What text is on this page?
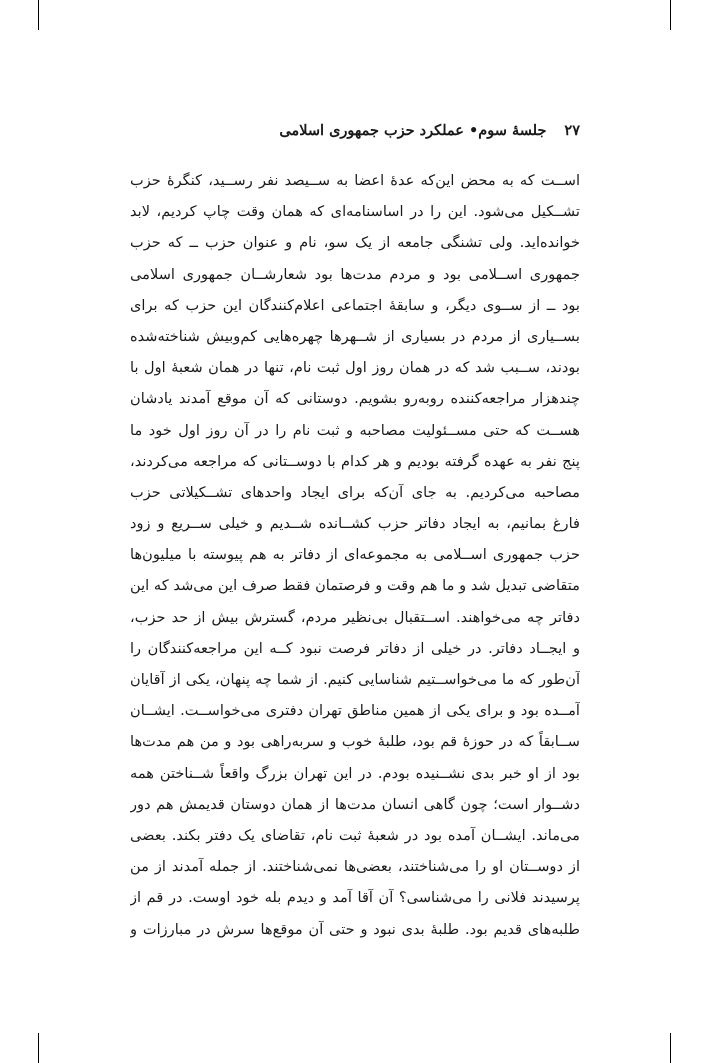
۲۷
جلسهٔ سوم• عملکرد حزب جمهوری اسلامی
اســت که به محض این‌که عدهٔ اعضا به ســیصد نفر رســید، کنگرهٔ حزب
تشــکیل می‌شود. این را در اساسنامه‌ای که همان وقت چاپ کردیم، لابد
خوانده‌اید. ولی تشنگی جامعه از یک سو، نام و عنوان حزب ــ که حزب
جمهوری اســلامی بود و مردم مدت‌ها بود شعارشــان جمهوری اسلامی
بود ــ از ســوی دیگر، و سابقهٔ اجتماعی اعلام‌کنندگان این حزب که برای
بســیاری از مردم در بسیاری از شــهرها چهره‌هایی کم‌وبیش شناخته‌شده
بودند، ســبب شد که در همان روز اول ثبت نام، تنها در همان شعبهٔ اول با
چندهزار مراجعه‌کننده روبه‌رو بشویم. دوستانی که آن موقع آمدند یادشان
هســت که حتی مســئولیت مصاحبه و ثبت نام را در آن روز اول خود ما
پنج نفر به عهده گرفته بودیم و هر کدام با دوســتانی که مراجعه می‌کردند،
مصاحبه می‌کردیم. به جای آن‌که برای ایجاد واحدهای تشــکیلاتی حزب
فارغ بمانیم، به ایجاد دفاتر حزب کشــانده شــدیم و خیلی ســریع و زود
حزب جمهوری اســلامی به مجموعه‌ای از دفاتر به هم پیوسته با میلیون‌ها
متقاضی تبدیل شد و ما هم وقت و فرصتمان فقط صرف این می‌شد که این
دفاتر چه می‌خواهند. اســتقبال بی‌نظیر مردم، گسترش بیش از حد حزب،
و ایجــاد دفاتر. در خیلی از دفاتر فرصت نبود کــه این مراجعه‌کنندگان را
آن‌طور که ما می‌خواســتیم شناسایی کنیم. از شما چه پنهان، یکی از آقایان
آمــده بود و برای یکی از همین مناطق تهران دفتری می‌خواســت. ایشــان
ســابقاً که در حوزهٔ قم بود، طلبهٔ خوب و سربه‌راهی بود و من هم مدت‌ها
بود از او خبر بدی نشــنیده بودم. در این تهران بزرگ واقعاً شــناختن همه
دشــوار است؛ چون گاهی انسان مدت‌ها از همان دوستان قدیمش هم دور
می‌ماند. ایشــان آمده بود در شعبهٔ ثبت نام، تقاضای یک دفتر بکند. بعضی
از دوســتان او را می‌شناختند، بعضی‌ها نمی‌شناختند. از جمله آمدند از من
پرسیدند فلانی را می‌شناسی؟ آن آقا آمد و دیدم بله خود اوست. در قم از
طلبه‌های قدیم بود. طلبهٔ بدی نبود و حتی آن موقع‌ها سرش در مبارزات و
